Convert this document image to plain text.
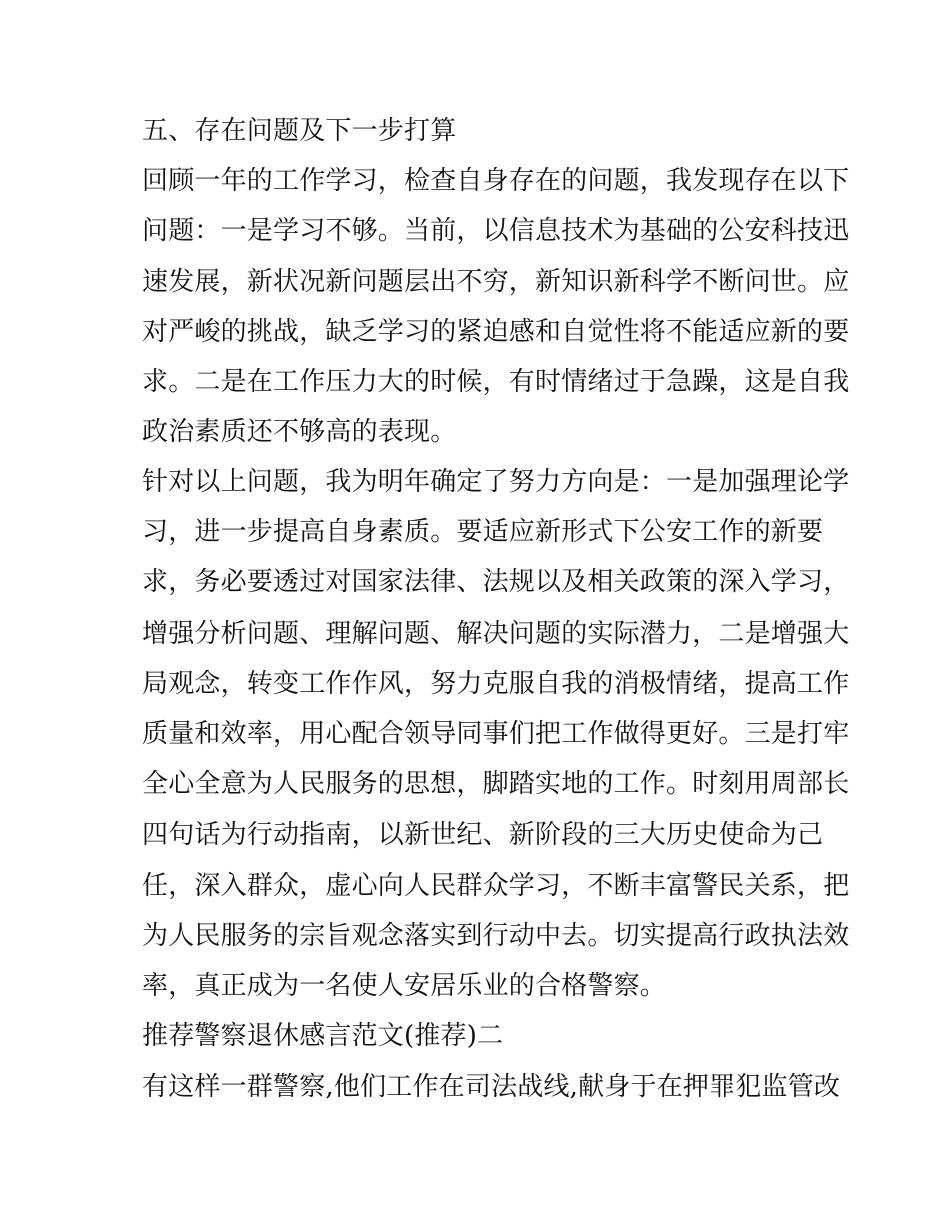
五、存在问题及下一步打算
回顾一年的工作学习，检查自身存在的问题，我发现存在以下
问题：一是学习不够。当前，以信息技术为基础的公安科技迅
速发展，新状况新问题层出不穷，新知识新科学不断问世。应
对严峻的挑战，缺乏学习的紧迫感和自觉性将不能适应新的要
求。二是在工作压力大的时候，有时情绪过于急躁，这是自我
政治素质还不够高的表现。
针对以上问题，我为明年确定了努力方向是：一是加强理论学
习，进一步提高自身素质。要适应新形式下公安工作的新要
求，务必要透过对国家法律、法规以及相关政策的深入学习，
增强分析问题、理解问题、解决问题的实际潜力，二是增强大
局观念，转变工作作风，努力克服自我的消极情绪，提高工作
质量和效率，用心配合领导同事们把工作做得更好。三是打牢
全心全意为人民服务的思想，脚踏实地的工作。时刻用周部长
四句话为行动指南，以新世纪、新阶段的三大历史使命为己
任，深入群众，虚心向人民群众学习，不断丰富警民关系，把
为人民服务的宗旨观念落实到行动中去。切实提高行政执法效
率，真正成为一名使人安居乐业的合格警察。
推荐警察退休感言范文(推荐)二
有这样一群警察,他们工作在司法战线,献身于在押罪犯监管改
